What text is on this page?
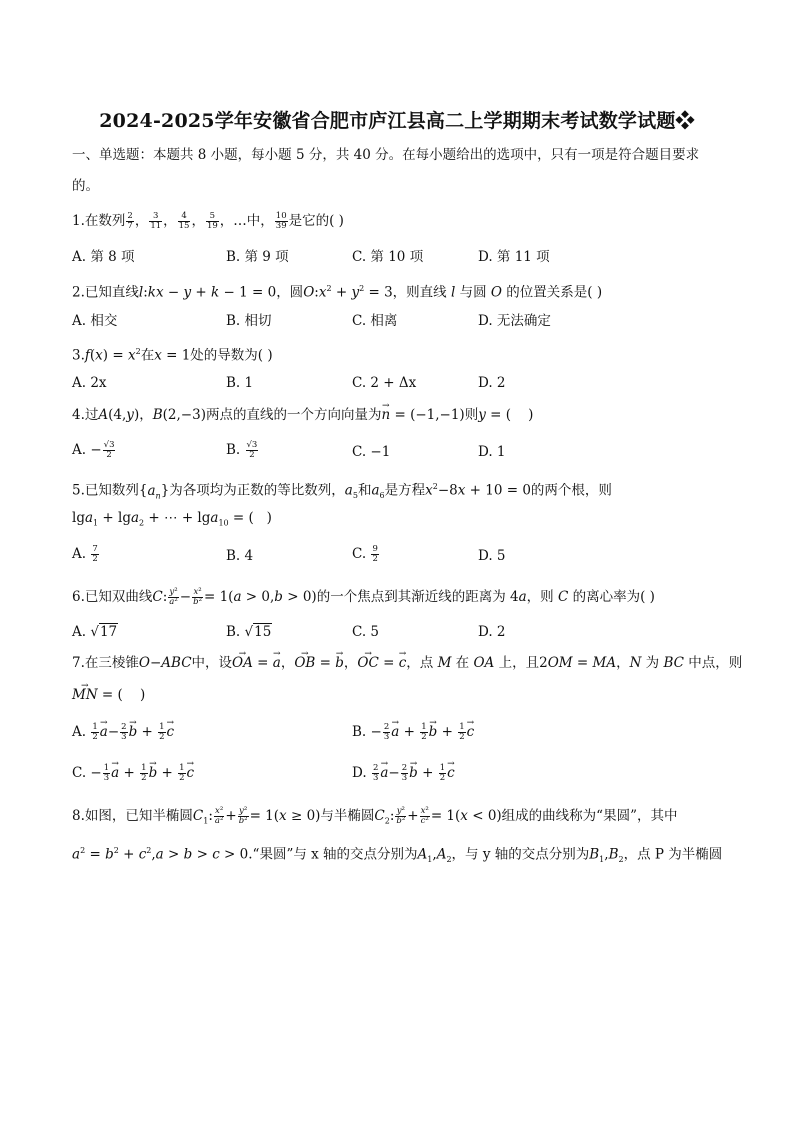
2024-2025学年安徽省合肥市庐江县高二上学期期末考试数学试题❖
一、单选题：本题共 8 小题，每小题 5 分，共 40 分。在每小题给出的选项中，只有一项是符合题目要求
的。
1.在数列 $\frac{2}{7}$ ， $\frac{3}{11}$ ， $\frac{4}{15}$ ， $\frac{5}{19}$ ，…中， $\frac{10}{39}$ 是它的( )
A. 第 8 项	B. 第 9 项	C. 第 10 项	D. 第 11 项
2.已知直线l:kx − y + k − 1 = 0，圆$O:x^2 + y^2 = 3$，则直线 l 与圆 O 的位置关系是( )
A. 相交	B. 相切	C. 相离	D. 无法确定
$3.f(x) = x^2$在x = 1处的导数为( )
A. 2x	B. 1	C. 2 + Δx	D. 2
4.过A(4,y)，B(2,−3)两点的直线的一个方向向量为→ n = (−1,−1)则y = (    )
A. − $\frac{√3}{2}$	B. $\frac{√3}{2}$	C. −1	D. 1
5.已知数列$\{a_n\}$为各项均为正数的等比数列，$a_5$和$a_6$是方程$x^2-8x + 10 = 0$的两个根，则
lga$_1$ + lga$_2$ + ⋯ + lga$_{10}$ = (   )
A. $\frac{7}{2}$	B. 4	C. $\frac{9}{2}$	D. 5
6.已知双曲线C: $\frac{\text{y²}}{\text{a²}} - \frac{\text{x²}}{\text{b²}} = 1(a > 0,b > 0)$的一个焦点到其渐近线的距离为 4a，则 C 的离心率为( )
A. √17	B. √15	C. 5	D. 2
7.在三棱锥O−ABC中，设→ OA = → a，→ OB = → b，→ OC = → c，点 M 在 OA 上，且2OM = MA，N 为 BC 中点，则
→ MN = (    )
A. $\frac{1}{2} \to a- \frac{2}{3} \to b + \frac{1}{2} \to c$	B. − $\frac{2}{3} \to a + \frac{1}{2} \to b + \frac{1}{2} \to c$
C. − $\frac{1}{3} \to a + \frac{1}{2} \to b + \frac{1}{2} \to c$	D. $\frac{2}{3} \to a- \frac{2}{3} \to b + \frac{1}{2} \to c$
8.如图，已知半椭圆$C_1$: $\frac{\text{x²}}{\text{a²}} + \frac{\text{y²}}{\text{b²}} = 1(x \ge 0)$与半椭圆$C_2$: $\frac{\text{y²}}{\text{b²}} + \frac{\text{x²}}{\text{c²}} = 1(x < 0)$组成的曲线称为“果圆”，其中
$a^2 = b^2 + c^2,a > b > c$ > 0.“果圆”与 x 轴的交点分别为$A_1,A_2$，与 y 轴的交点分别为$B_1,B_2$，点 P 为半椭圆
